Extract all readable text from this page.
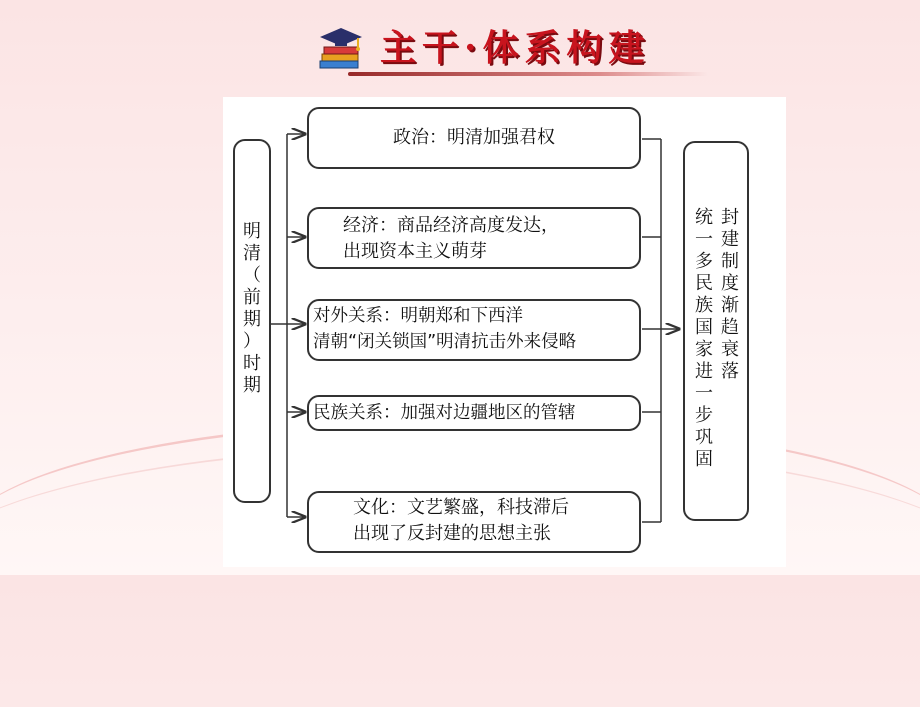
主干·体系构建
明
清
（
前
期
）
时
期
政治：明清加强君权
经济：商品经济高度发达，
出现资本主义萌芽
对外关系：明朝郑和下西洋
清朝“闭关锁国”明清抗击外来侵略
民族关系：加强对边疆地区的管辖
文化：文艺繁盛，科技滞后
出现了反封建的思想主张
封
建
制
度
渐
趋
衰
落
统
一
多
民
族
国
家
进
一
步
巩
固
